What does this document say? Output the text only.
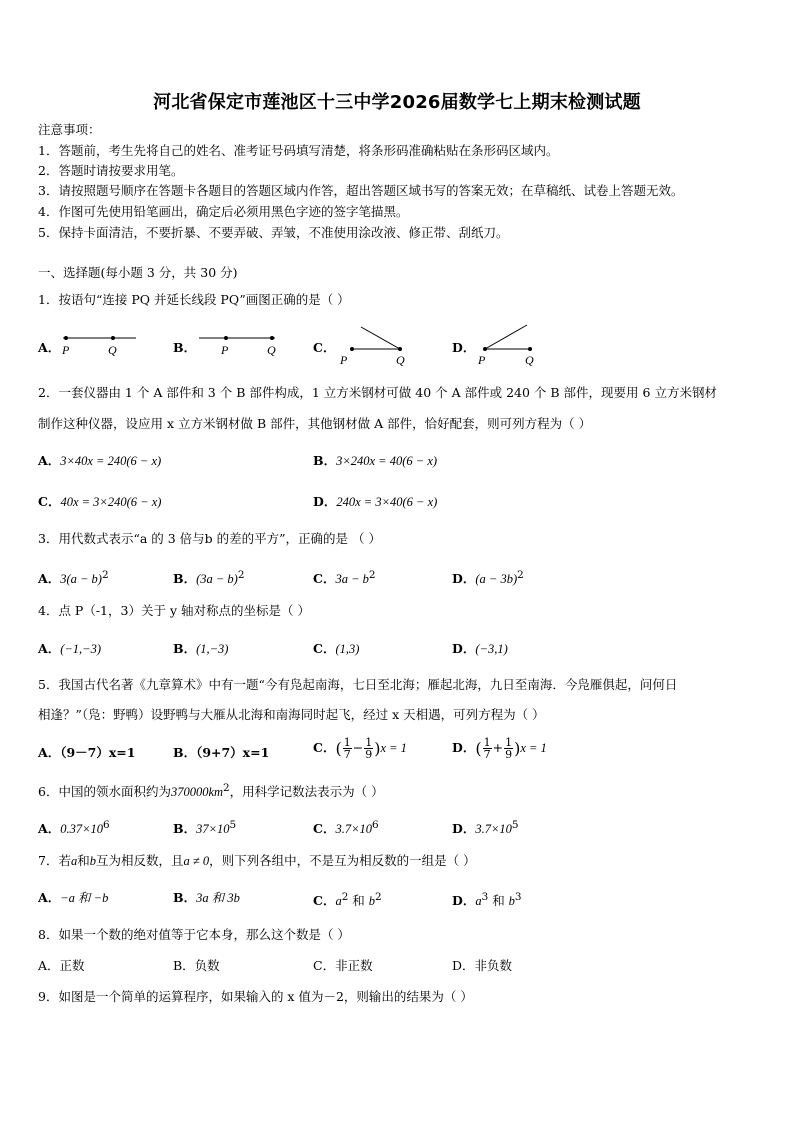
河北省保定市莲池区十三中学2026届数学七上期末检测试题
注意事项：
1．答题前，考生先将自己的姓名、准考证号码填写清楚，将条形码准确粘贴在条形码区域内。
2．答题时请按要求用笔。
3．请按照题号顺序在答题卡各题目的答题区域内作答，超出答题区域书写的答案无效；在草稿纸、试卷上答题无效。
4．作图可先使用铅笔画出，确定后必须用黑色字迹的签字笔描黑。
5．保持卡面清洁，不要折暴、不要弄破、弄皱，不准使用涂改液、修正带、刮纸刀。
一、选择题(每小题 3 分，共 30 分)
1．按语句“连接 PQ 并延长线段 PQ”画图正确的是（ ）
A． P	Q	B． P	Q	C．
P	Q
D．
P	Q
2．一套仪器由 1 个 A 部件和 3 个 B 部件构成，1 立方米钢材可做 40 个 A 部件或 240 个 B 部件，现要用 6 立方米钢材
制作这种仪器，设应用 x 立方米钢材做 B 部件，其他钢材做 A 部件，恰好配套，则可列方程为（ ）
A．3×40x = 240(6 − x)	B．3×240x = 40(6 − x)
C．40x = 3×240(6 − x)	D．240x = 3×40(6 − x)
3．用代数式表示“a 的 3 倍与b 的差的平方”，正确的是 （ ）
A．$3(a - b)^2$	B．$(3a - b)^2$	C．$3a - b^2$	D．$(a - 3b)^2$
4．点 P（-1，3）关于 y 轴对称点的坐标是（ ）
A．(−1,−3)	B．(1,−3)	C．(1,3)	D．(−3,1)
5．我国古代名著《九章算术》中有一题“今有凫起南海，七日至北海；雁起北海，九日至南海．今凫雁俱起，问何日
相逢？”（凫：野鸭）设野鸭与大雁从北海和南海同时起飞，经过 x 天相遇，可列方程为（ ）
A．（9－7）x=1	B．（9+7）x=1	C．( $\frac{1}{7} - \frac{1}{9} )x = 1$	D．( $\frac{1}{7} + \frac{1}{9} )x = 1$
6．中国的领水面积约为$370000km^2$，用科学记数法表示为（ ）
A．$0.37\times 10^6$	B．$37\times 10^5$	C．$3.7\times 10^6$	D．$3.7\times 10^5$
7．若a和b互为相反数，且a ≠ 0，则下列各组中，不是互为相反数的一组是（ ）
A．−a 和 −b	B．3a 和 3b	C．$a^2$ 和 $b^2$	D．$a^3$ 和 $b^3$
8．如果一个数的绝对值等于它本身，那么这个数是（ ）
A．正数	B．负数	C．非正数	D．非负数
9．如图是一个简单的运算程序，如果输入的 x 值为－2，则输出的结果为（ ）
